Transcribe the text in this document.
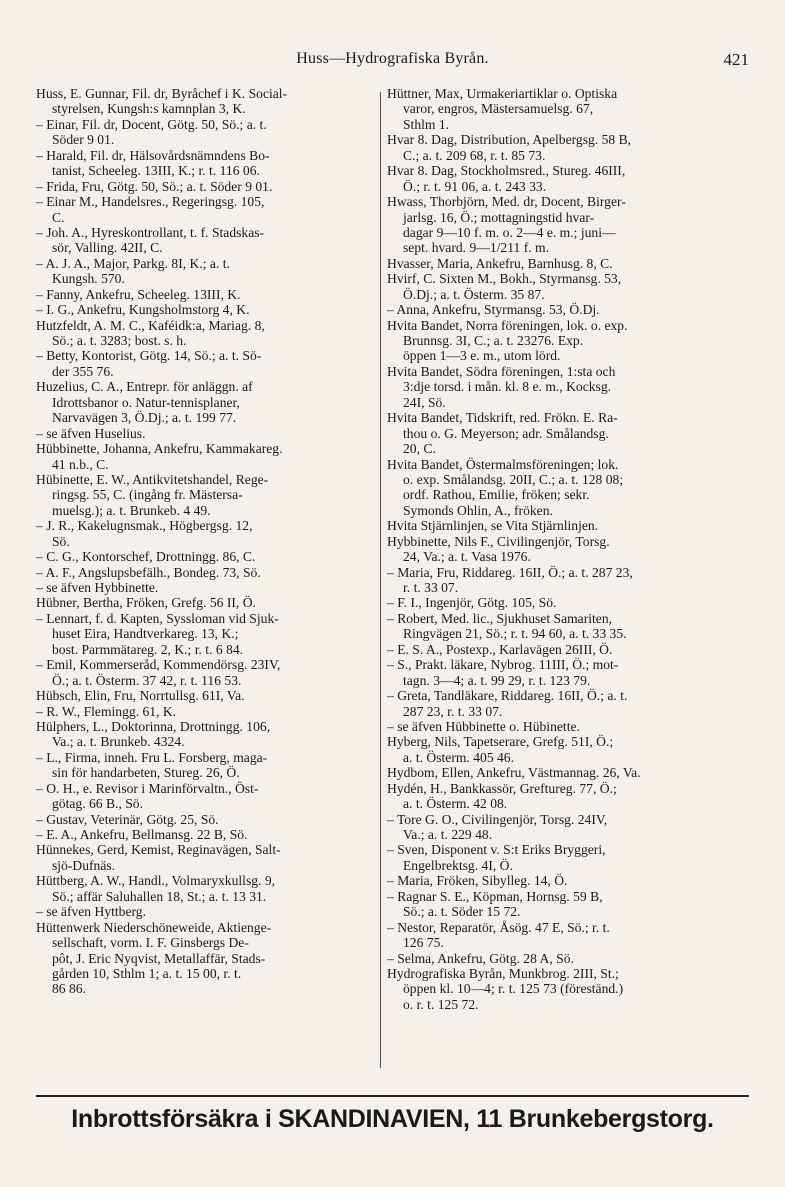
Huss—Hydrografiska Byrån.	421
Huss, E. Gunnar, Fil. dr, Byråchef i K. Social-
styrelsen, Kungsh:s kamnplan 3, K.
– Einar, Fil. dr, Docent, Götg. 50, Sö.; a. t.
Söder 9 01.
– Harald, Fil. dr, Hälsovårdsnämndens Bo-
tanist, Scheeleg. 13III, K.; r. t. 116 06.
– Frida, Fru, Götg. 50, Sö.; a. t. Söder 9 01.
– Einar M., Handelsres., Regeringsg. 105,
C.
– Joh. A., Hyreskontrollant, t. f. Stadskas-
sör, Valling. 42II, C.
– A. J. A., Major, Parkg. 8I, K.; a. t.
Kungsh. 570.
– Fanny, Ankefru, Scheeleg. 13III, K.
– I. G., Ankefru, Kungsholmstorg 4, K.
Hutzfeldt, A. M. C., Kaféidk:a, Mariag. 8,
Sö.; a. t. 3283; bost. s. h.
– Betty, Kontorist, Götg. 14, Sö.; a. t. Sö-
der 355 76.
Huzelius, C. A., Entrepr. för anläggn. af
Idrottsbanor o. Natur-tennisplaner,
Narvavägen 3, Ö.Dj.; a. t. 199 77.
– se äfven Huselius.
Hübbinette, Johanna, Ankefru, Kammakareg.
41 n.b., C.
Hübinette, E. W., Antikvitetshandel, Rege-
ringsg. 55, C. (ingång fr. Mästersa-
muelsg.); a. t. Brunkeb. 4 49.
– J. R., Kakelugnsmak., Högbergsg. 12,
Sö.
– C. G., Kontorschef, Drottningg. 86, C.
– A. F., Angslupsbefälh., Bondeg. 73, Sö.
– se äfven Hybbinette.
Hübner, Bertha, Fröken, Grefg. 56 II, Ö.
– Lennart, f. d. Kapten, Syssloman vid Sjuk-
huset Eira, Handtverkareg. 13, K.;
bost. Parmmätareg. 2, K.; r. t. 6 84.
– Emil, Kommerseråd, Kommendörsg. 23IV,
Ö.; a. t. Österm. 37 42, r. t. 116 53.
Hübsch, Elin, Fru, Norrtullsg. 61I, Va.
– R. W., Flemingg. 61, K.
Hülphers, L., Doktorinna, Drottningg. 106,
Va.; a. t. Brunkeb. 4324.
– L., Firma, inneh. Fru L. Forsberg, maga-
sin för handarbeten, Stureg. 26, Ö.
– O. H., e. Revisor i Marinförvaltn., Öst-
götag. 66 B., Sö.
– Gustav, Veterinär, Götg. 25, Sö.
– E. A., Ankefru, Bellmansg. 22 B, Sö.
Hünnekes, Gerd, Kemist, Reginavägen, Salt-
sjö-Dufnäs.
Hüttberg, A. W., Handl., Volmaryxkullsg. 9,
Sö.; affär Saluhallen 18, St.; a. t. 13 31.
– se äfven Hyttberg.
Hüttenwerk Niederschöneweide, Aktienge-
sellschaft, vorm. I. F. Ginsbergs De-
pôt, J. Eric Nyqvist, Metallaffär, Stads-
gården 10, Sthlm 1; a. t. 15 00, r. t.
86 86.
Hüttner, Max, Urmakeriartiklar o. Optiska
varor, engros, Mästersamuelsg. 67,
Sthlm 1.
Hvar 8. Dag, Distribution, Apelbergsg. 58 B,
C.; a. t. 209 68, r. t. 85 73.
Hvar 8. Dag, Stockholmsred., Stureg. 46III,
Ö.; r. t. 91 06, a. t. 243 33.
Hwass, Thorbjörn, Med. dr, Docent, Birger-
jarlsg. 16, Ö.; mottagningstid hvar-
dagar 9—10 f. m. o. 2—4 e. m.; juni—
sept. hvard. 9—1/211 f. m.
Hvasser, Maria, Ankefru, Barnhusg. 8, C.
Hvirf, C. Sixten M., Bokh., Styrmansg. 53,
Ö.Dj.; a. t. Österm. 35 87.
– Anna, Ankefru, Styrmansg. 53, Ö.Dj.
Hvita Bandet, Norra föreningen, lok. o. exp.
Brunnsg. 3I, C.; a. t. 23276. Exp.
öppen 1—3 e. m., utom lörd.
Hvita Bandet, Södra föreningen, 1:sta och
3:dje torsd. i mån. kl. 8 e. m., Kocksg.
24I, Sö.
Hvita Bandet, Tidskrift, red. Frökn. E. Ra-
thou o. G. Meyerson; adr. Smålandsg.
20, C.
Hvita Bandet, Östermalmsföreningen; lok.
o. exp. Smålandsg. 20II, C.; a. t. 128 08;
ordf. Rathou, Emilie, fröken; sekr.
Symonds Ohlin, A., fröken.
Hvita Stjärnlinjen, se Vita Stjärnlinjen.
Hybbinette, Nils F., Civilingenjör, Torsg.
24, Va.; a. t. Vasa 1976.
– Maria, Fru, Riddareg. 16II, Ö.; a. t. 287 23,
r. t. 33 07.
– F. I., Ingenjör, Götg. 105, Sö.
– Robert, Med. lic., Sjukhuset Samariten,
Ringvägen 21, Sö.; r. t. 94 60, a. t. 33 35.
– E. S. A., Postexp., Karlavägen 26III, Ö.
– S., Prakt. läkare, Nybrog. 11III, Ö.; mot-
tagn. 3—4; a. t. 99 29, r. t. 123 79.
– Greta, Tandläkare, Riddareg. 16II, Ö.; a. t.
287 23, r. t. 33 07.
– se äfven Hübbinette o. Hübinette.
Hyberg, Nils, Tapetserare, Grefg. 51I, Ö.;
a. t. Österm. 405 46.
Hydbom, Ellen, Ankefru, Västmannag. 26, Va.
Hydén, H., Bankkassör, Greftureg. 77, Ö.;
a. t. Österm. 42 08.
– Tore G. O., Civilingenjör, Torsg. 24IV,
Va.; a. t. 229 48.
– Sven, Disponent v. S:t Eriks Bryggeri,
Engelbrektsg. 4I, Ö.
– Maria, Fröken, Sibylleg. 14, Ö.
– Ragnar S. E., Köpman, Hornsg. 59 B,
Sö.; a. t. Söder 15 72.
– Nestor, Reparatör, Åsög. 47 E, Sö.; r. t.
126 75.
– Selma, Ankefru, Götg. 28 A, Sö.
Hydrografiska Byrån, Munkbrog. 2III, St.;
öppen kl. 10—4; r. t. 125 73 (föreständ.)
o. r. t. 125 72.
Inbrottsförsäkra i SKANDINAVIEN, 11 Brunkebergstorg.
